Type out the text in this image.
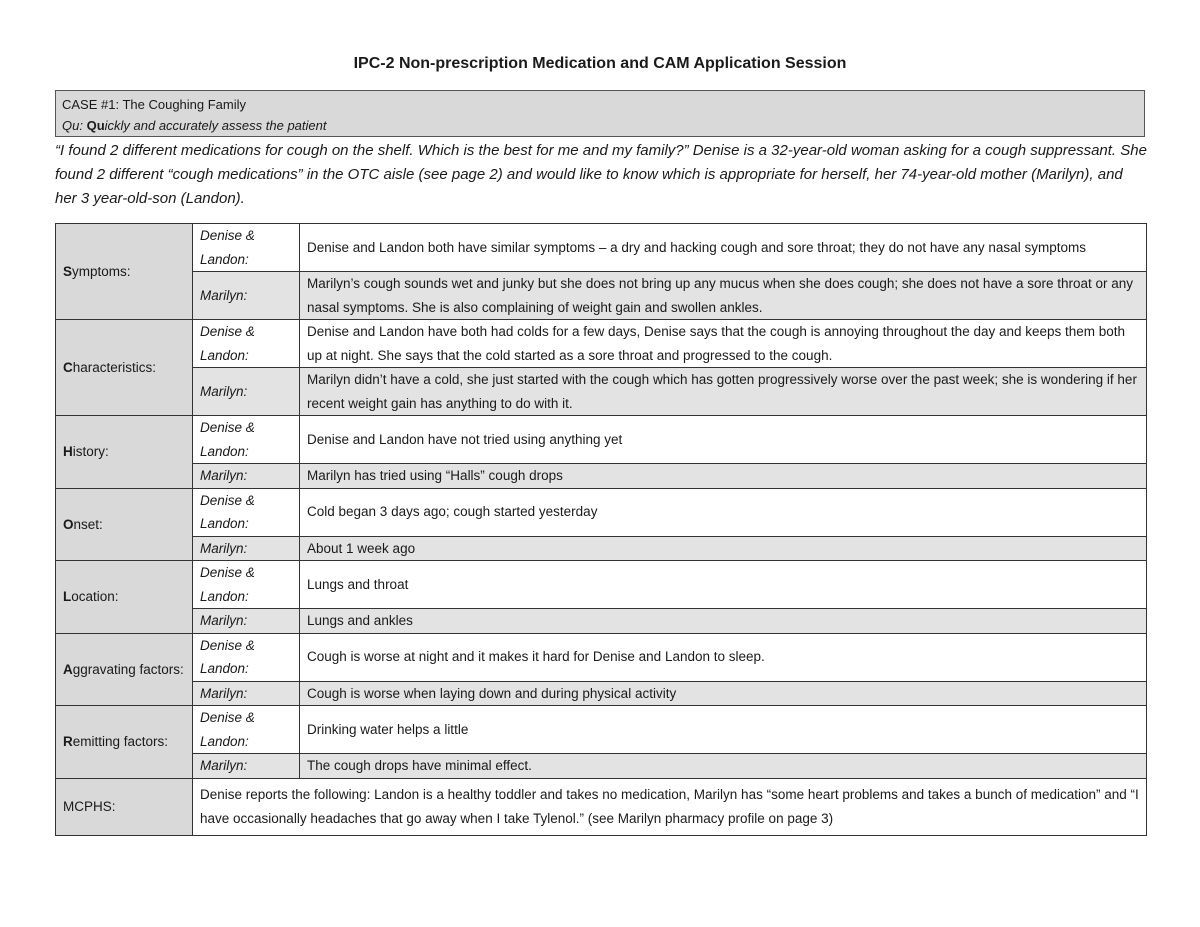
IPC-2 Non-prescription Medication and CAM Application Session
CASE #1: The Coughing Family
Qu: Quickly and accurately assess the patient
“I found 2 different medications for cough on the shelf. Which is the best for me and my family?” Denise is a 32-year-old woman asking for a cough suppressant. She found 2 different “cough medications” in the OTC aisle (see page 2) and would like to know which is appropriate for herself, her 74-year-old mother (Marilyn), and her 3 year-old-son (Landon).
Symptoms:	Denise & Landon:	Denise and Landon both have similar symptoms – a dry and hacking cough and sore throat; they do not have any nasal symptoms
	Marilyn:	Marilyn’s cough sounds wet and junky but she does not bring up any mucus when she does cough; she does not have a sore throat or any nasal symptoms. She is also complaining of weight gain and swollen ankles.
Characteristics:	Denise & Landon:	Denise and Landon have both had colds for a few days, Denise says that the cough is annoying throughout the day and keeps them both up at night. She says that the cold started as a sore throat and progressed to the cough.
	Marilyn:	Marilyn didn’t have a cold, she just started with the cough which has gotten progressively worse over the past week; she is wondering if her recent weight gain has anything to do with it.
History:	Denise & Landon:	Denise and Landon have not tried using anything yet
	Marilyn:	Marilyn has tried using “Halls” cough drops
Onset:	Denise & Landon:	Cold began 3 days ago; cough started yesterday
	Marilyn:	About 1 week ago
Location:	Denise & Landon:	Lungs and throat
	Marilyn:	Lungs and ankles
Aggravating factors:	Denise & Landon:	Cough is worse at night and it makes it hard for Denise and Landon to sleep.
	Marilyn:	Cough is worse when laying down and during physical activity
Remitting factors:	Denise & Landon:	Drinking water helps a little
	Marilyn:	The cough drops have minimal effect.
MCPHS:	Denise reports the following: Landon is a healthy toddler and takes no medication, Marilyn has “some heart problems and takes a bunch of medication” and “I have occasionally headaches that go away when I take Tylenol.” (see Marilyn pharmacy profile on page 3)	
